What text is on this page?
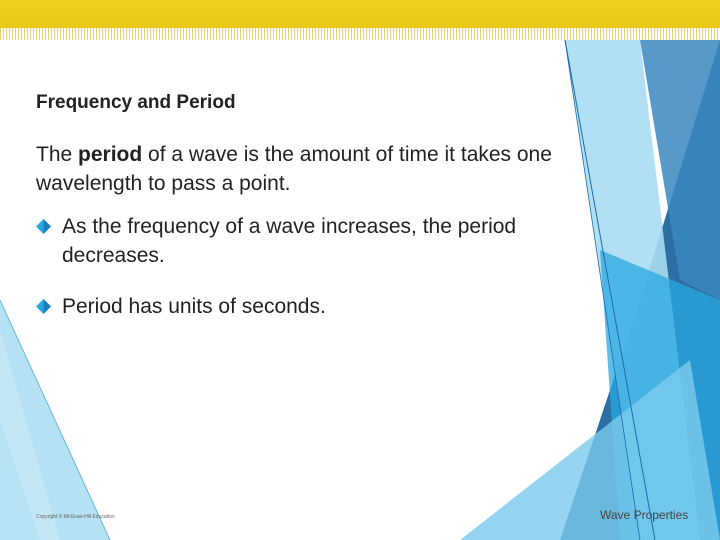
Frequency and Period
The period of a wave is the amount of time it takes one wavelength to pass a point.
As the frequency of a wave increases, the period decreases.
Period has units of seconds.
Copyright © McGraw-Hill Education	Wave Properties
